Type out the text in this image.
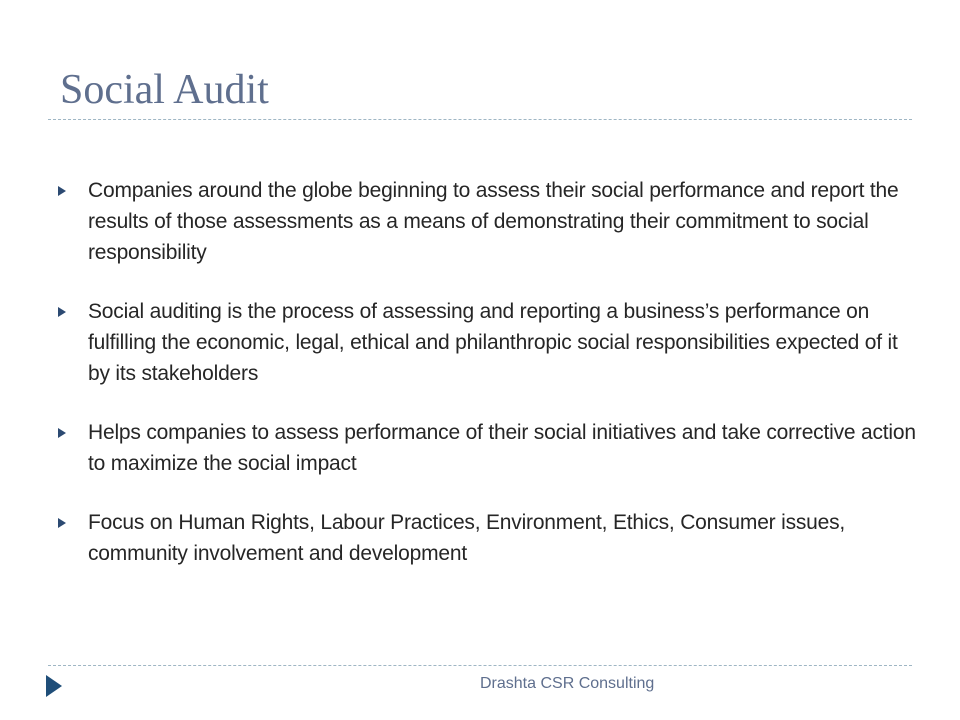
Social Audit
Companies around the globe beginning to assess their social performance and report the results of those assessments as a means of demonstrating their commitment to social responsibility
Social auditing is the process of assessing and reporting a business’s performance on fulfilling the economic, legal, ethical and philanthropic social responsibilities expected of it by its stakeholders
Helps companies to assess performance of their social initiatives and take corrective action to maximize the social impact
Focus on Human Rights, Labour Practices, Environment, Ethics, Consumer issues, community involvement and development
Drashta CSR Consulting
